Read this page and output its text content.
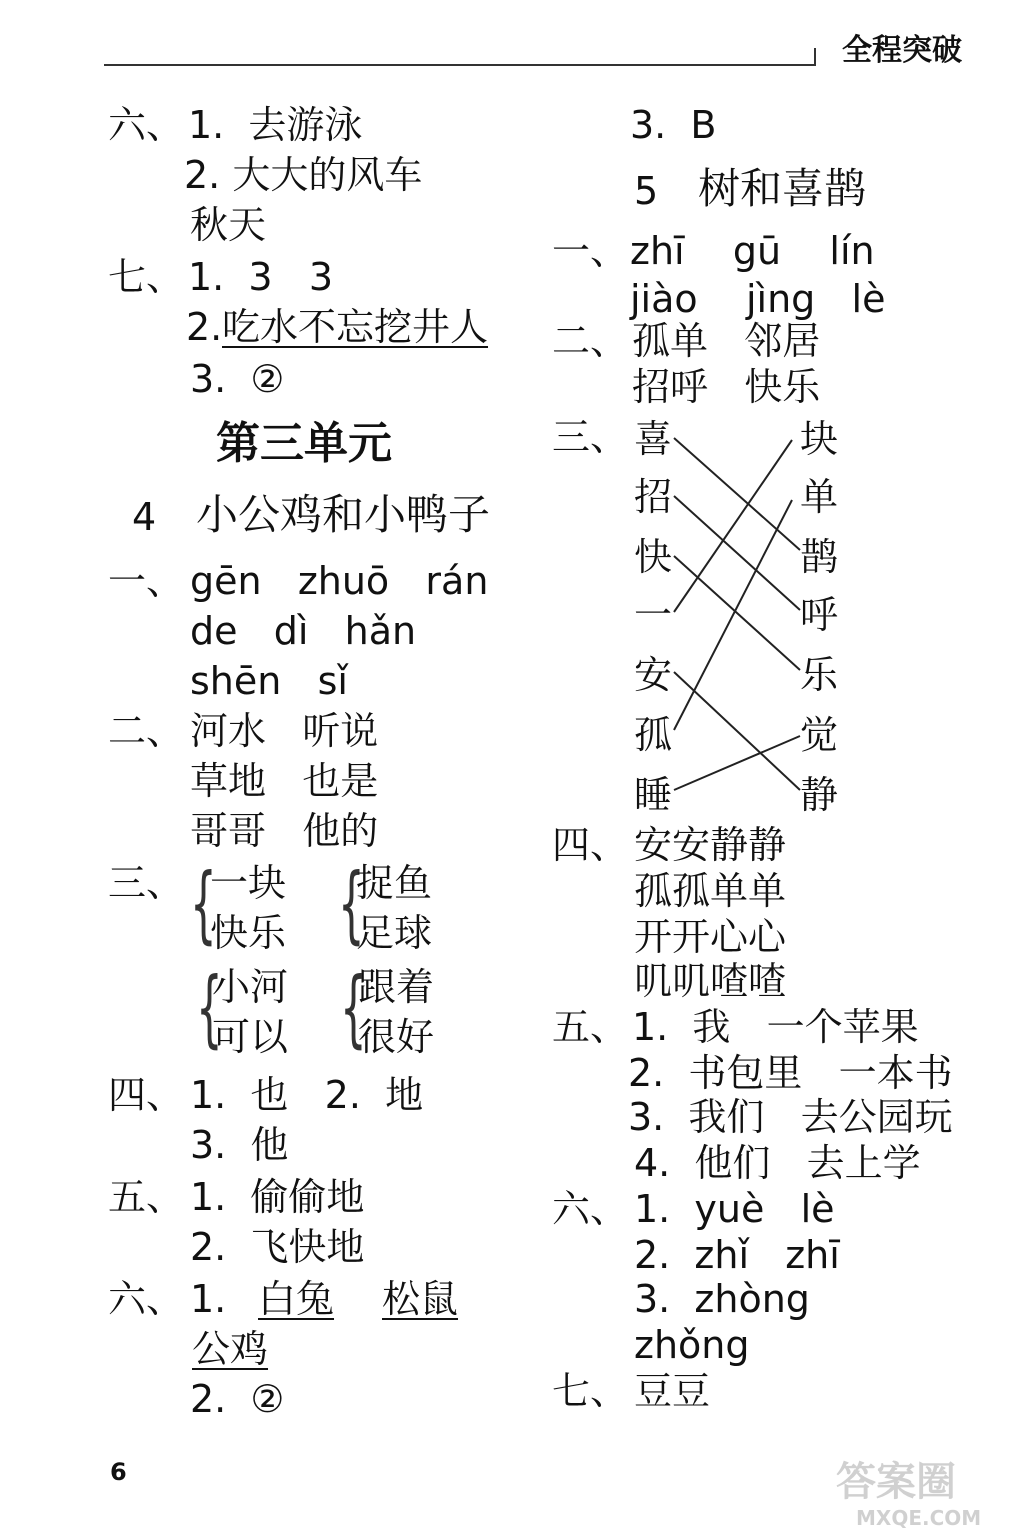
全程突破
六、 1.  去游泳
2. 大大的风车
秋天
七、 1.  3   3
2. 吃水不忘挖井人
3.  ②
第三单元
4 小公鸡和小鸭子
一、 gēn   zhuō   rán
de   dì   hǎn
shēn   sǐ
二、 河水   听说
草地   也是
哥哥   他的
三、 {
一块
快乐 {
捉鱼
足球
{
小河
可以 {
跟着
很好
四、 1.  也   2.  地
3.  他
五、 1.  偷偷地
2.  飞快地
六、 1. 白兔 松鼠
公鸡
2.  ②
6
3.  B
5 树和喜鹊
一、 zhī    gū    lín
jiào    jìng   lè
二、 孤单   邻居
招呼   快乐
三、 喜
招
快
一
安
孤
睡
块
单
鹊
呼
乐
觉
静
四、 安安静静
孤孤单单
开开心心
叽叽喳喳
五、 1.  我   一个苹果
2.  书包里   一本书
3.  我们   去公园玩
4.  他们   去上学
六、 1.  yuè   lè
2.  zhǐ   zhī
3.  zhòng
zhǒng
七、 豆豆
答案圈
MXQE.COM
